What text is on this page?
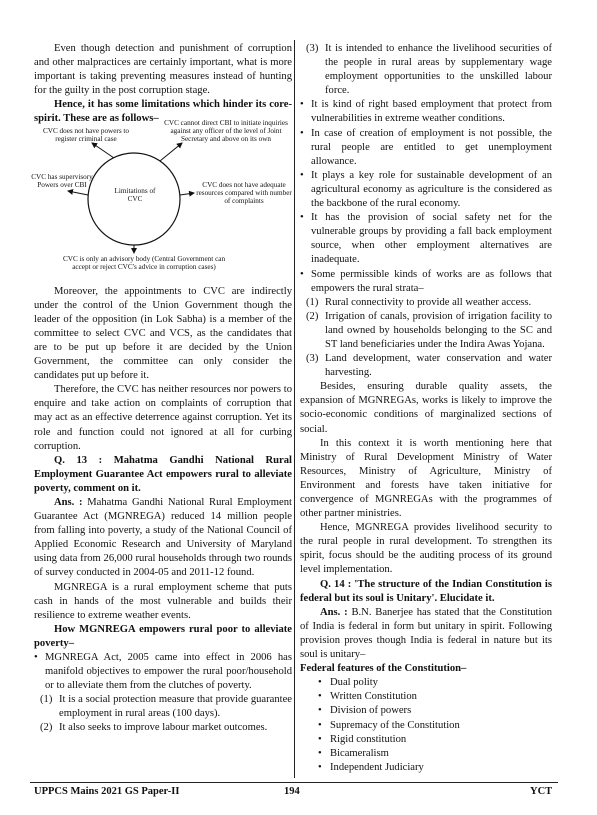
Even though detection and punishment of corruption and other malpractices are certainly important, what is more important is taking preventing measures instead of hunting for the guilty in the post corruption stage.

Hence, it has some limitations which hinder its core-spirit. These are as follows–

Limitations of CVC
CVC does not have powers to register criminal case
CVC cannot direct CBI to initiate inquiries against any officer of the level of Joint Secretary and above on its own
CVC has supervisory Powers over CBI	CVC does not have adequate resources compared with number of complaints
CVC is only an advisory body (Central Government can accept or reject CVC's advice in corruption cases)

Moreover, the appointments to CVC are indirectly under the control of the Union Government though the leader of the opposition (in Lok Sabha) is a member of the committee to select CVC and VCS, as the candidates that are to be put up before it are decided by the Union Government, the committee can only consider the candidates put up before it.

Therefore, the CVC has neither resources nor powers to enquire and take action on complaints of corruption that may act as an effective deterrence against corruption. Yet its role and function could not ignored at all for curbing corruption.

Q. 13 : Mahatma Gandhi National Rural Employment Guarantee Act empowers rural to alleviate poverty, comment on it.

Ans. : Mahatma Gandhi National Rural Employment Guarantee Act (MGNREGA) reduced 14 million people from falling into poverty, a study of the National Council of Applied Economic Research and University of Maryland using data from 26,000 rural households through two rounds of survey conducted in 2004-05 and 2011-12 found.

MGNREGA is a rural employment scheme that puts cash in hands of the most vulnerable and builds their resilience to extreme weather events.

How MGNREGA empowers rural poor to alleviate poverty–

• MGNREGA Act, 2005 came into effect in 2006 has manifold objectives to empower the rural poor/household or to alleviate them from the clutches of poverty.
(1) It is a social protection measure that provide guarantee employment in rural areas (100 days).
(2) It also seeks to improve labour market outcomes.
(3) It is intended to enhance the livelihood securities of the people in rural areas by supplementary wage employment opportunities to the unskilled labour force.
• It is kind of right based employment that protect from vulnerabilities in extreme weather conditions.
• In case of creation of employment is not possible, the rural people are entitled to get unemployment allowance.
• It plays a key role for sustainable development of an agricultural economy as agriculture is the considered as the backbone of the rural economy.
• It has the provision of social safety net for the vulnerable groups by providing a fall back employment source, when other employment alternatives are inadequate.
• Some permissible kinds of works are as follows that empowers the rural strata–
(1) Rural connectivity to provide all weather access.
(2) Irrigation of canals, provision of irrigation facility to land owned by households belonging to the SC and ST land beneficiaries under the Indira Awas Yojana.
(3) Land development, water conservation and water harvesting.

Besides, ensuring durable quality assets, the expansion of MGNREGAs, works is likely to improve the socio-economic conditions of marginalized sections of social.

In this context it is worth mentioning here that Ministry of Rural Development Ministry of Water Resources, Ministry of Agriculture, Ministry of Environment and forests have taken initiative for convergence of MGNREGAs with the programmes of other partner ministries.

Hence, MGNREGA provides livelihood security to the rural people in rural development. To strengthen its spirit, focus should be the auditing process of its ground level implementation.

Q. 14 : 'The structure of the Indian Constitution is federal but its soul is Unitary'. Elucidate it.

Ans. : B.N. Banerjee has stated that the Constitution of India is federal in form but unitary in spirit. Following provision proves though India is federal in nature but its soul is unitary–

Federal features of the Constitution–

• Dual polity
• Written Constitution
• Division of powers
• Supremacy of the Constitution
• Rigid constitution
• Bicameralism
• Independent Judiciary
UPPCS Mains 2021 GS Paper-II	194	YCT
